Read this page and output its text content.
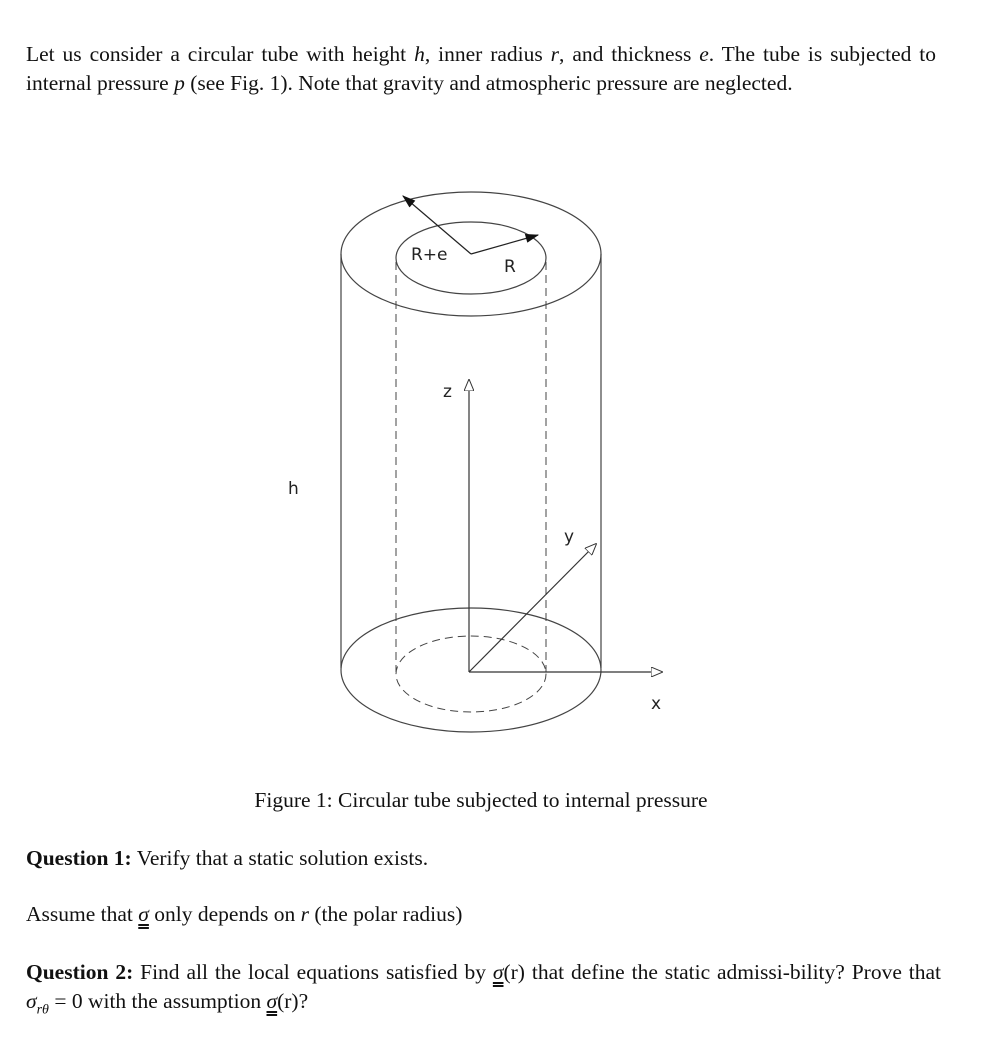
Let us consider a circular tube with height h, inner radius r, and thickness e. The tube is subjected to internal pressure p (see Fig. 1). Note that gravity and atmospheric pressure are neglected.
R+e
R
z
h
y
x
Figure 1: Circular tube subjected to internal pressure
Question 1: Verify that a static solution exists.
Assume that σ only depends on r (the polar radius)
Question 2: Find all the local equations satisfied by σ(r) that define the static admissi-bility? Prove that $\sigma_{r\theta} = 0$ with the assumption σ(r)?
